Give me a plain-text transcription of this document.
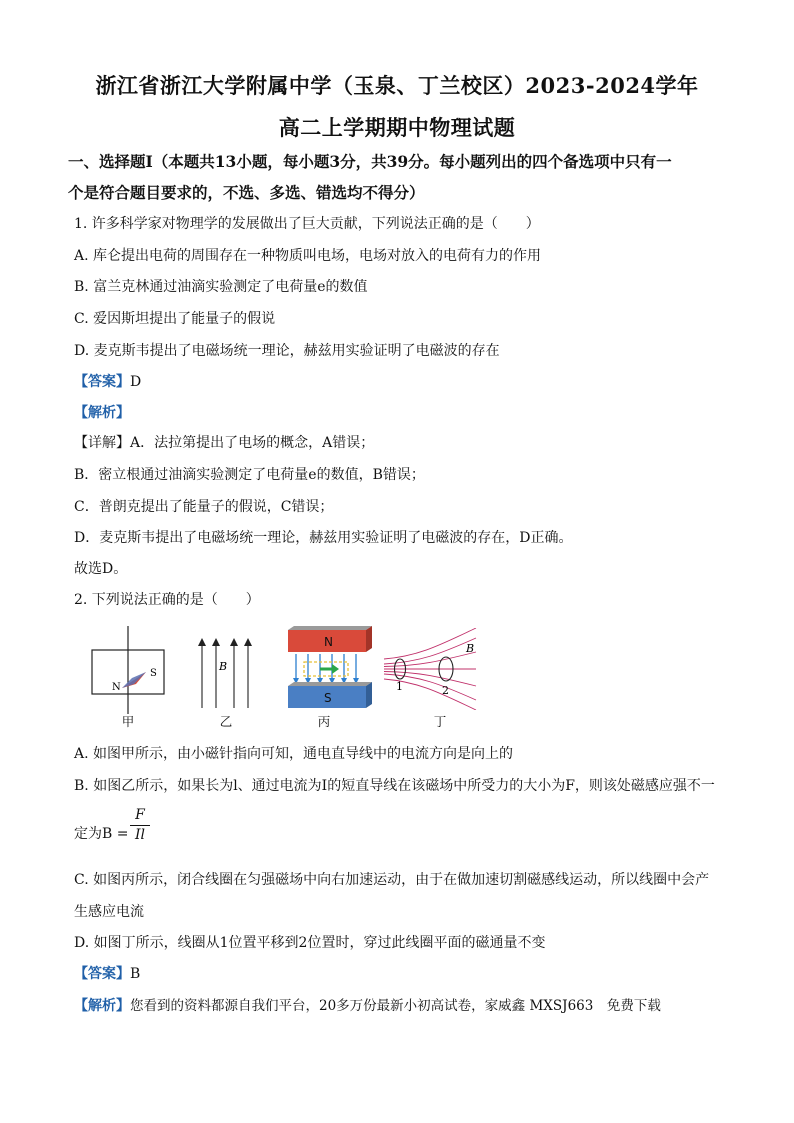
浙江省浙江大学附属中学（玉泉、丁兰校区）2023-2024学年
高二上学期期中物理试题
一、选择题Ⅰ（本题共13小题，每小题3分，共39分。每小题列出的四个备选项中只有一
个是符合题目要求的，不选、多选、错选均不得分）
1. 许多科学家对物理学的发展做出了巨大贡献，下列说法正确的是（　　）
A. 库仑提出电荷的周围存在一种物质叫电场，电场对放入的电荷有力的作用
B. 富兰克林通过油滴实验测定了电荷量e的数值
C. 爱因斯坦提出了能量子的假说
D. 麦克斯韦提出了电磁场统一理论，赫兹用实验证明了电磁波的存在
【答案】D
【解析】
【详解】A．法拉第提出了电场的概念，A错误；
B．密立根通过油滴实验测定了电荷量e的数值，B错误；
C．普朗克提出了能量子的假说，C错误；
D．麦克斯韦提出了电磁场统一理论，赫兹用实验证明了电磁波的存在，D正确。
故选D。
2. 下列说法正确的是（　　）
N
S
甲
B
乙
N
S
丙
B
1	2
丁
A. 如图甲所示，由小磁针指向可知，通电直导线中的电流方向是向上的
B. 如图乙所示，如果长为l、通过电流为I的短直导线在该磁场中所受力的大小为F，则该处磁感应强不一
定为B =
F
Il
C. 如图丙所示，闭合线圈在匀强磁场中向右加速运动，由于在做加速切割磁感线运动，所以线圈中会产
生感应电流
D. 如图丁所示，线圈从1位置平移到2位置时，穿过此线圈平面的磁通量不变
【答案】B
【解析】您看到的资料都源自我们平台，20多万份最新小初高试卷，家威鑫 MXSJ663　免费下载
